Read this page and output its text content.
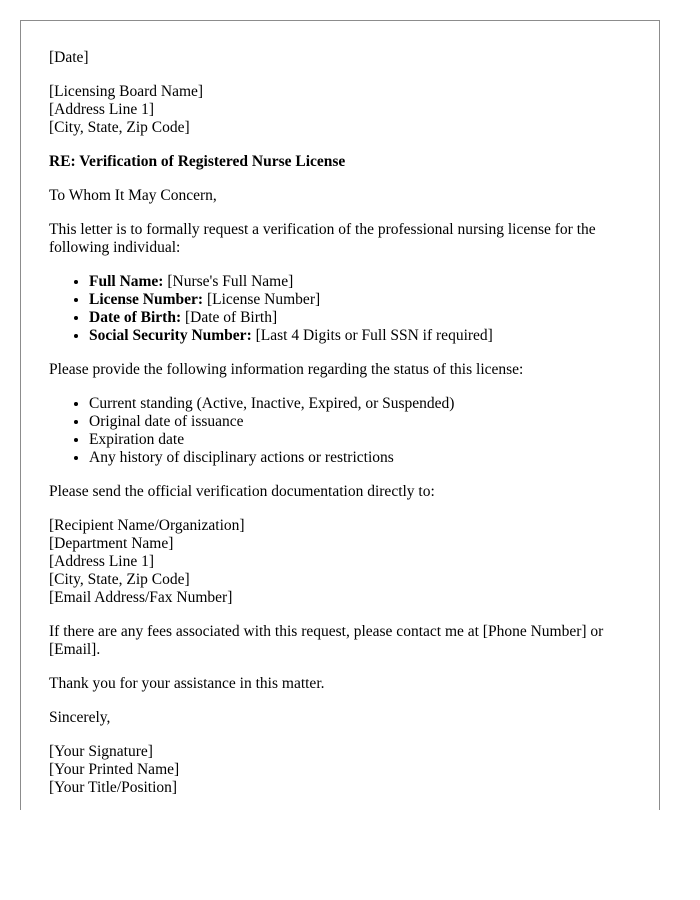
[Date]

[Licensing Board Name]
[Address Line 1]
[City, State, Zip Code]

RE: Verification of Registered Nurse License

To Whom It May Concern,

This letter is to formally request a verification of the professional nursing license for the following individual:

• Full Name: [Nurse's Full Name]
• License Number: [License Number]
• Date of Birth: [Date of Birth]
• Social Security Number: [Last 4 Digits or Full SSN if required]

Please provide the following information regarding the status of this license:

• Current standing (Active, Inactive, Expired, or Suspended)
• Original date of issuance
• Expiration date
• Any history of disciplinary actions or restrictions

Please send the official verification documentation directly to:

[Recipient Name/Organization]
[Department Name]
[Address Line 1]
[City, State, Zip Code]
[Email Address/Fax Number]

If there are any fees associated with this request, please contact me at [Phone Number] or [Email].

Thank you for your assistance in this matter.

Sincerely,

[Your Signature]
[Your Printed Name]
[Your Title/Position]
